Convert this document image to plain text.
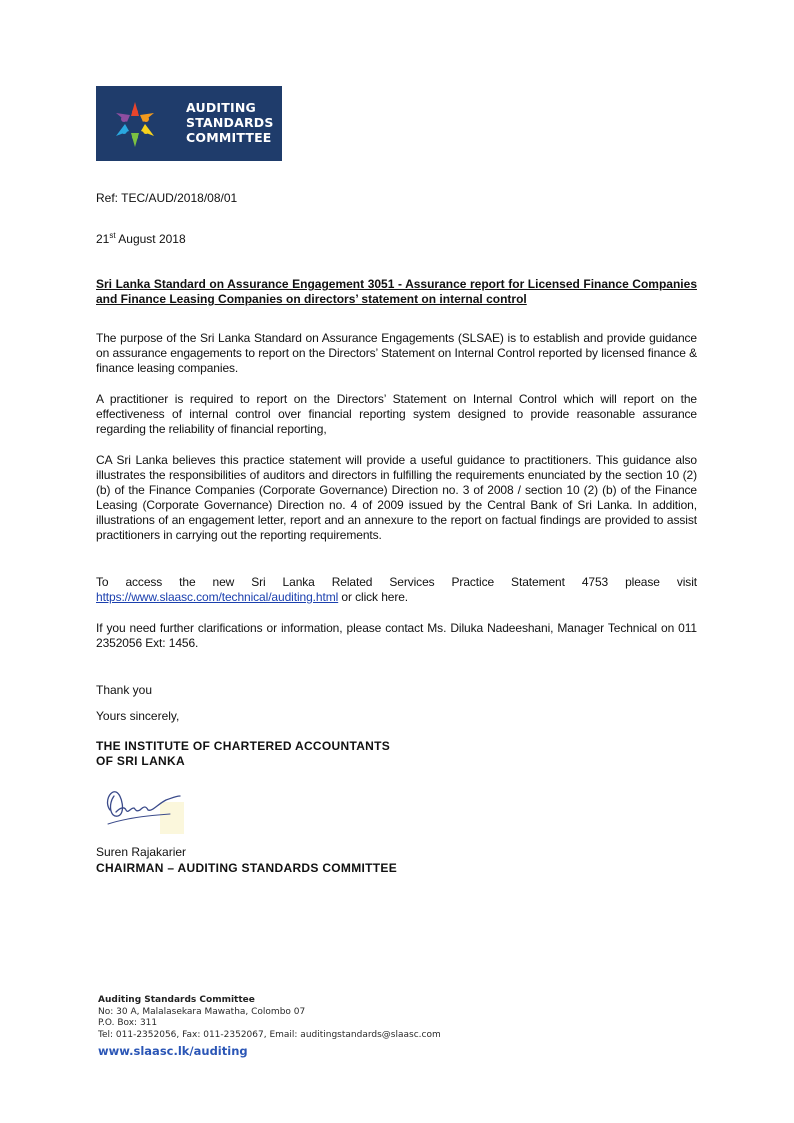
AUDITING
STANDARDS
COMMITTEE
Ref: TEC/AUD/2018/08/01
21st August 2018
Sri Lanka Standard on Assurance Engagement 3051 - Assurance report for Licensed Finance Companies and Finance Leasing Companies on directors’ statement on internal control
The purpose of the Sri Lanka Standard on Assurance Engagements (SLSAE) is to establish and provide guidance on assurance engagements to report on the Directors’ Statement on Internal Control reported by licensed finance & finance leasing companies.
A practitioner is required to report on the Directors’ Statement on Internal Control which will report on the effectiveness of internal control over financial reporting system designed to provide reasonable assurance regarding the reliability of financial reporting,
CA Sri Lanka believes this practice statement will provide a useful guidance to practitioners. This guidance also illustrates the responsibilities of auditors and directors in fulfilling the requirements enunciated by the section 10 (2) (b) of the Finance Companies (Corporate Governance) Direction no. 3 of 2008 / section 10 (2) (b) of the Finance Leasing (Corporate Governance) Direction no. 4 of 2009 issued by the Central Bank of Sri Lanka. In addition, illustrations of an engagement letter, report and an annexure to the report on factual findings are provided to assist practitioners in carrying out the reporting requirements.
To access the new Sri Lanka Related Services Practice Statement 4753 please visit https://www.slaasc.com/technical/auditing.html or click here.
If you need further clarifications or information, please contact Ms. Diluka Nadeeshani, Manager Technical on 011 2352056 Ext: 1456.
Thank you
Yours sincerely,
THE INSTITUTE OF CHARTERED ACCOUNTANTS
OF SRI LANKA
Suren Rajakarier
CHAIRMAN – AUDITING STANDARDS COMMITTEE
Auditing Standards Committee
No: 30 A, Malalasekara Mawatha, Colombo 07
P.O. Box: 311
Tel: 011-2352056, Fax: 011-2352067, Email: auditingstandards@slaasc.com
www.slaasc.lk/auditing
